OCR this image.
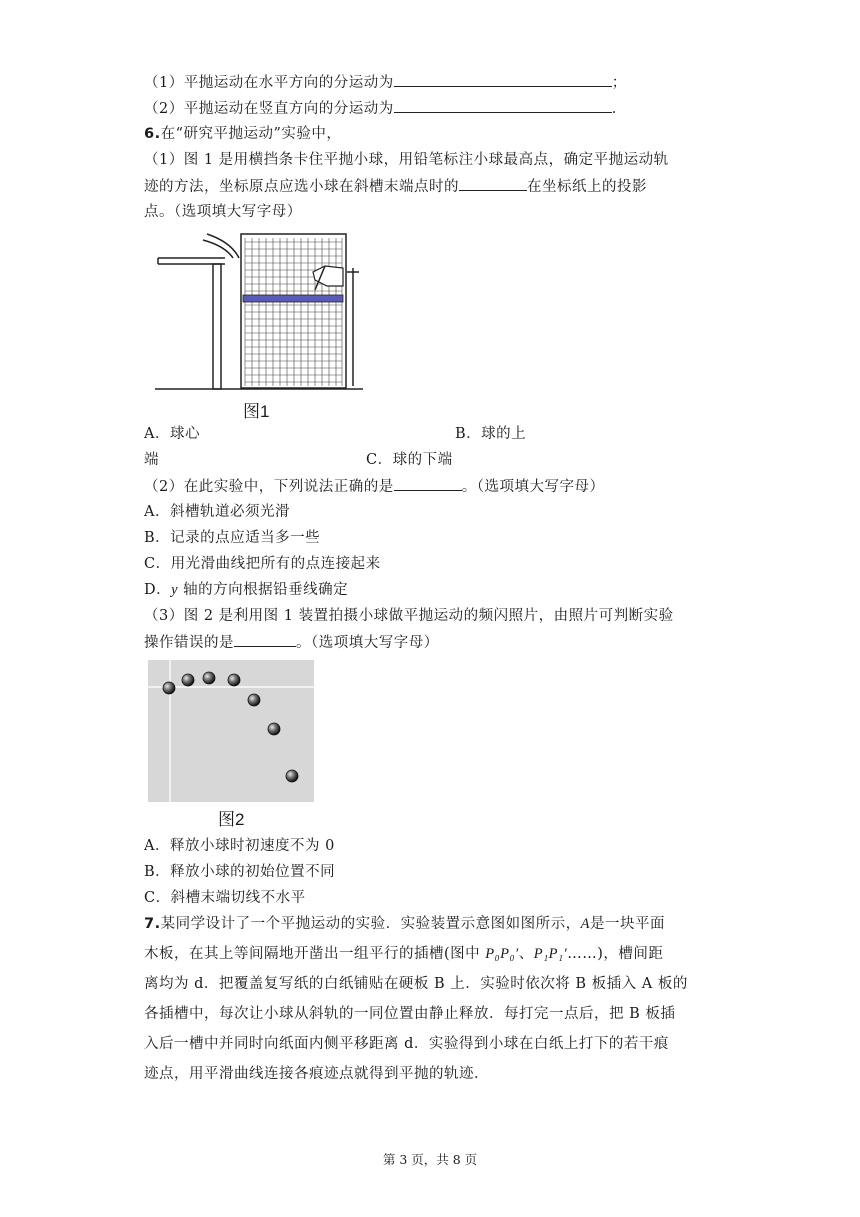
（1）平抛运动在水平方向的分运动为	；
（2）平抛运动在竖直方向的分运动为	.
6.在“研究平抛运动”实验中，
（1）图 1 是用横挡条卡住平抛小球，用铅笔标注小球最高点，确定平抛运动轨
迹的方法，坐标原点应选小球在斜槽末端点时的	在坐标纸上的投影
点。（选项填大写字母）
图1
A．球心	B．球的上
端	C．球的下端
（2）在此实验中，下列说法正确的是	。（选项填大写字母）
A．斜槽轨道必须光滑
B．记录的点应适当多一些
C．用光滑曲线把所有的点连接起来
D．y 轴的方向根据铅垂线确定
（3）图 2 是利用图 1 装置拍摄小球做平抛运动的频闪照片，由照片可判断实验
操作错误的是	。（选项填大写字母）
图2
A．释放小球时初速度不为 0
B．释放小球的初始位置不同
C．斜槽末端切线不水平
7.某同学设计了一个平抛运动的实验．实验装置示意图如图所示，A是一块平面
木板，在其上等间隔地开凿出一组平行的插槽(图中 P₀P₀′、P₁P₁′……)，槽间距
离均为 d．把覆盖复写纸的白纸铺贴在硬板 B 上．实验时依次将 B 板插入 A 板的
各插槽中，每次让小球从斜轨的一同位置由静止释放．每打完一点后，把 B 板插
入后一槽中并同时向纸面内侧平移距离 d．实验得到小球在白纸上打下的若干痕
迹点，用平滑曲线连接各痕迹点就得到平抛的轨迹．
第 3 页，共 8 页
